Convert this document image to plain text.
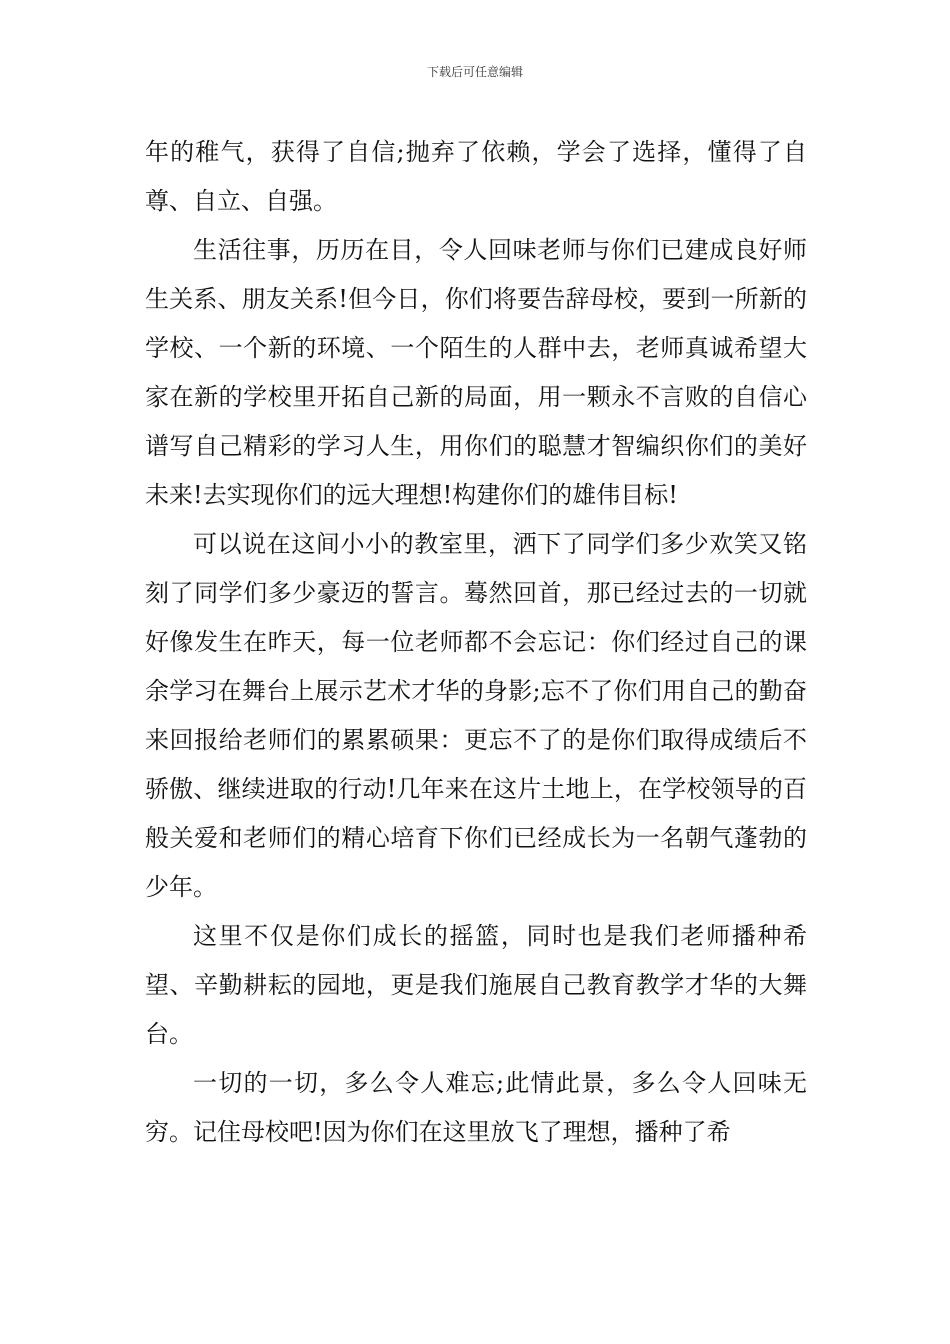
下载后可任意编辑

年的稚气，获得了自信;抛弃了依赖，学会了选择，懂得了自尊、自立、自强。

生活往事，历历在目，令人回味老师与你们已建成良好师生关系、朋友关系!但今日，你们将要告辞母校，要到一所新的学校、一个新的环境、一个陌生的人群中去，老师真诚希望大家在新的学校里开拓自己新的局面，用一颗永不言败的自信心谱写自己精彩的学习人生，用你们的聪慧才智编织你们的美好未来!去实现你们的远大理想!构建你们的雄伟目标!

可以说在这间小小的教室里，洒下了同学们多少欢笑又铭刻了同学们多少豪迈的誓言。蓦然回首，那已经过去的一切就好像发生在昨天，每一位老师都不会忘记：你们经过自己的课余学习在舞台上展示艺术才华的身影;忘不了你们用自己的勤奋来回报给老师们的累累硕果：更忘不了的是你们取得成绩后不骄傲、继续进取的行动!几年来在这片土地上，在学校领导的百般关爱和老师们的精心培育下你们已经成长为一名朝气蓬勃的少年。

这里不仅是你们成长的摇篮，同时也是我们老师播种希望、辛勤耕耘的园地，更是我们施展自己教育教学才华的大舞台。

一切的一切，多么令人难忘;此情此景，多么令人回味无穷。记住母校吧!因为你们在这里放飞了理想，播种了希
